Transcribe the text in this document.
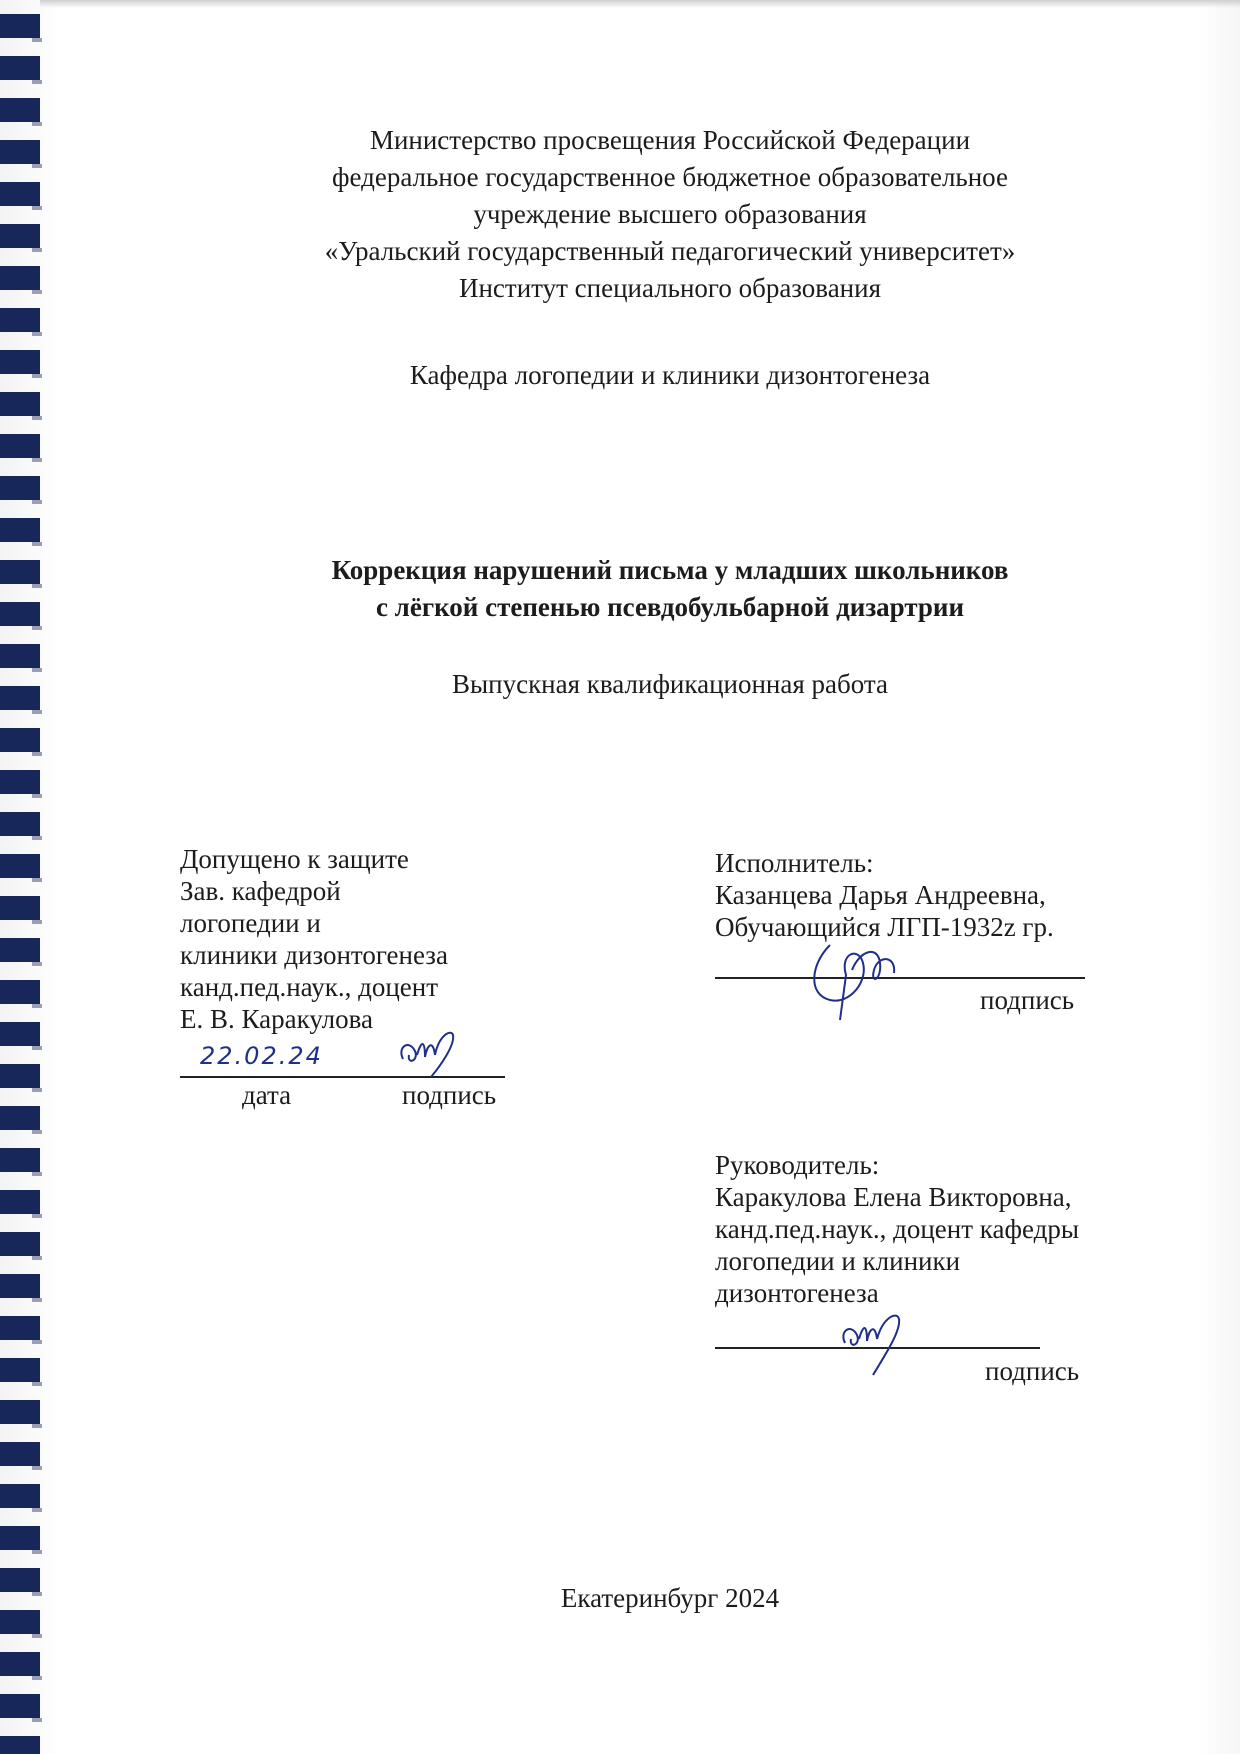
Министерство просвещения Российской Федерации
федеральное государственное бюджетное образовательное
учреждение высшего образования
«Уральский государственный педагогический университет»
Институт специального образования
Кафедра логопедии и клиники дизонтогенеза
Коррекция нарушений письма у младших школьников
с лёгкой степенью псевдобульбарной дизартрии
Выпускная квалификационная работа
Допущено к защите
Зав. кафедрой
логопедии и
клиники дизонтогенеза
канд.пед.наук., доцент
Е. В. Каракулова
22.02.24
дата	подпись
Исполнитель:
Казанцева Дарья Андреевна,
Обучающийся ЛГП-1932z гр.
подпись
Руководитель:
Каракулова Елена Викторовна,
канд.пед.наук., доцент кафедры
логопедии и клиники
дизонтогенеза
подпись
Екатеринбург 2024
